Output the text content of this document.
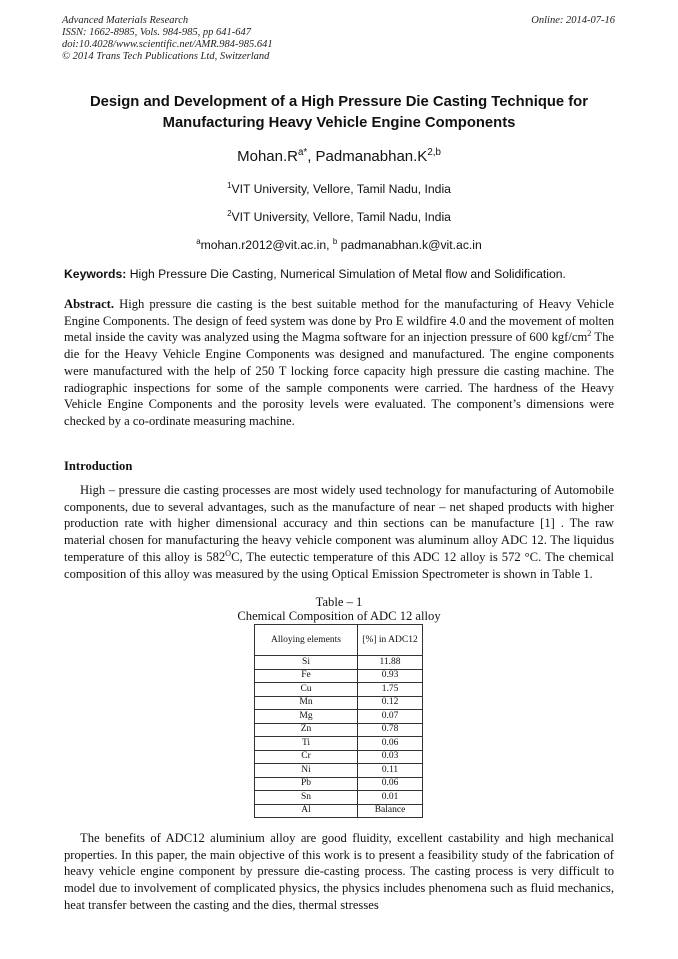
Advanced Materials Research
ISSN: 1662-8985, Vols. 984-985, pp 641-647
doi:10.4028/www.scientific.net/AMR.984-985.641
© 2014 Trans Tech Publications Ltd, Switzerland
Online: 2014-07-16
Design and Development of a High Pressure Die Casting Technique for Manufacturing Heavy Vehicle Engine Components
$Mohan.R^{a*}$, $Padmanabhan.K^{2,b}$
$^1$VIT University, Vellore, Tamil Nadu, India
$^2$VIT University, Vellore, Tamil Nadu, India
$^a$mohan.r2012@vit.ac.in, $^b$ padmanabhan.k@vit.ac.in
Keywords: High Pressure Die Casting, Numerical Simulation of Metal flow and Solidification.
Abstract. High pressure die casting is the best suitable method for the manufacturing of Heavy Vehicle Engine Components. The design of feed system was done by Pro E wildfire 4.0 and the movement of molten metal inside the cavity was analyzed using the Magma software for an injection pressure of 600 kgf/$cm^2$ The die for the Heavy Vehicle Engine Components was designed and manufactured. The engine components were manufactured with the help of 250 T locking force capacity high pressure die casting machine. The radiographic inspections for some of the sample components were carried. The hardness of the Heavy Vehicle Engine Components and the porosity levels were evaluated. The component’s dimensions were checked by a co-ordinate measuring machine.
Introduction
High – pressure die casting processes are most widely used technology for manufacturing of Automobile components, due to several advantages, such as the manufacture of near – net shaped products with higher production rate with higher dimensional accuracy and thin sections can be manufacture [1] . The raw material chosen for manufacturing the heavy vehicle component was aluminum alloy ADC 12. The liquidus temperature of this alloy is $582^OC$, The eutectic temperature of this ADC 12 alloy is 572 °C. The chemical composition of this alloy was measured by the using Optical Emission Spectrometer is shown in Table 1.
Table – 1
Chemical Composition of ADC 12 alloy
Alloying elements	[%] in ADC12
Si	11.88
Fe	0.93
Cu	1.75
Mn	0.12
Mg	0.07
Zn	0.78
Ti	0.06
Cr	0.03
Ni	0.11
Pb	0.06
Sn	0.01
Al	Balance
The benefits of ADC12 aluminium alloy are good fluidity, excellent castability and high mechanical properties. In this paper, the main objective of this work is to present a feasibility study of the fabrication of heavy vehicle engine component by pressure die-casting process. The casting process is very difficult to model due to involvement of complicated physics, the physics includes phenomena such as fluid mechanics, heat transfer between the casting and the dies, thermal stresses
